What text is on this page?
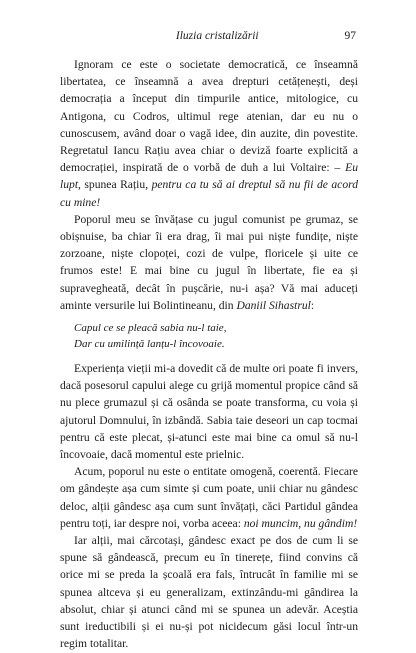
Iluzia cristalizării	97

Ignoram ce este o societate democratică, ce înseamnă libertatea, ce înseamnă a avea drepturi cetățenești, deși democrația a început din timpurile antice, mitologice, cu Antigona, cu Codros, ultimul rege atenian, dar eu nu o cunoscusem, având doar o vagă idee, din auzite, din povestite. Regretatul Iancu Rațiu avea chiar o deviză foarte explicită a democrației, inspirată de o vorbă de duh a lui Voltaire: – Eu lupt, spunea Rațiu, pentru ca tu să ai dreptul să nu fii de acord cu mine!

Poporul meu se învățase cu jugul comunist pe grumaz, se obișnuise, ba chiar îi era drag, îi mai pui niște fundițe, niște zorzoane, niște clopoței, cozi de vulpe, floricele și uite ce frumos este! E mai bine cu jugul în libertate, fie ea și supravegheată, decât în pușcărie, nu-i așa? Vă mai aduceți aminte versurile lui Bolintineanu, din Daniil Sihastrul:

Capul ce se pleacă sabia nu-l taie,
Dar cu umilință lanțu-l încovoaie.

Experiența vieții mi-a dovedit că de multe ori poate fi invers, dacă posesorul capului alege cu grijă momentul propice când să nu plece grumazul și că osânda se poate transforma, cu voia și ajutorul Domnului, în izbândă. Sabia taie deseori un cap tocmai pentru că este plecat, și-atunci este mai bine ca omul să nu-l încovoaie, dacă momentul este prielnic.

Acum, poporul nu este o entitate omogenă, coerentă. Fiecare om gândește așa cum simte și cum poate, unii chiar nu gândesc deloc, alții gândesc așa cum sunt învățați, căci Partidul gândea pentru toți, iar despre noi, vorba aceea: noi muncim, nu gândim!

Iar alții, mai cărcotași, gândesc exact pe dos de cum li se spune să gândească, precum eu în tinerețe, fiind convins că orice mi se preda la școală era fals, întrucât în familie mi se spunea altceva și eu generalizam, extinzându-mi gândirea la absolut, chiar și atunci când mi se spunea un adevăr. Aceștia sunt ireductibili și ei nu-și pot nicidecum găsi locul într-un regim totalitar.
